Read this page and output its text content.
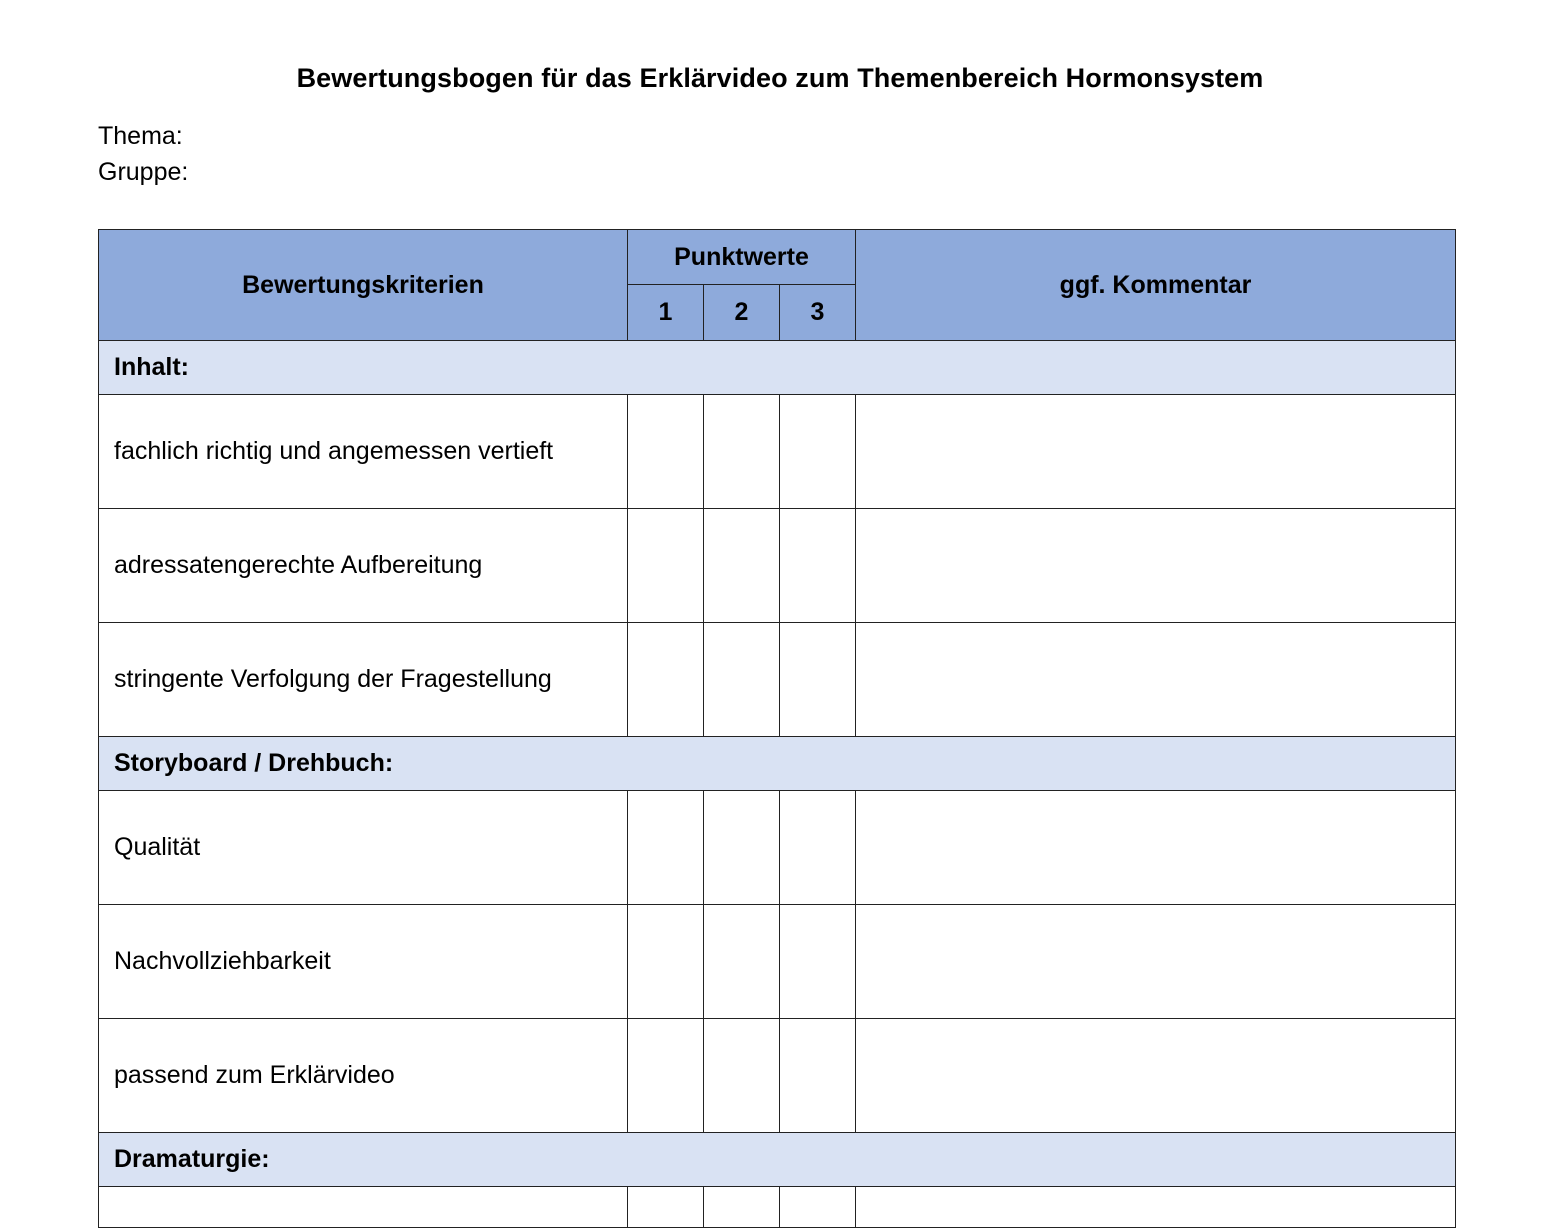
Bewertungsbogen für das Erklärvideo zum Themenbereich Hormonsystem
Thema:
Gruppe:
Bewertungskriterien	Punktwerte			ggf. Kommentar
	1	2	3	
Inhalt:				
fachlich richtig und angemessen vertieft				
adressatengerechte Aufbereitung				
stringente Verfolgung der Fragestellung				
Storyboard / Drehbuch:				
Qualität				
Nachvollziehbarkeit				
passend zum Erklärvideo				
Dramaturgie:				
